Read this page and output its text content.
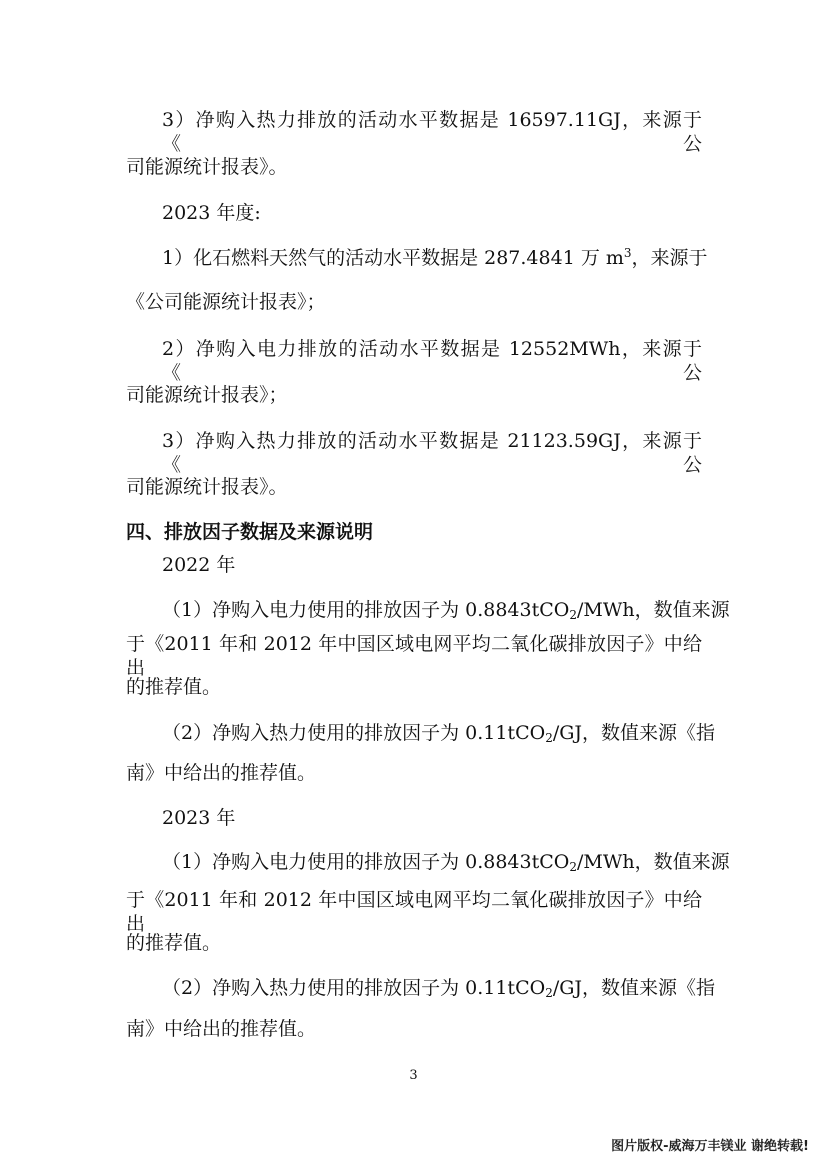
3）净购入热力排放的活动水平数据是 16597.11GJ，来源于《公
司能源统计报表》。
2023 年度:
1）化石燃料天然气的活动水平数据是 287.4841 万 $m^3$，来源于
《公司能源统计报表》；
2）净购入电力排放的活动水平数据是 12552MWh，来源于《公
司能源统计报表》；
3）净购入热力排放的活动水平数据是 21123.59GJ，来源于《公
司能源统计报表》。
四、排放因子数据及来源说明
2022 年
（1）净购入电力使用的排放因子为 0.8843tCO$_2$/MWh，数值来源
于《2011 年和 2012 年中国区域电网平均二氧化碳排放因子》中给出
的推荐值。
（2）净购入热力使用的排放因子为 0.11tCO$_2$/GJ，数值来源《指
南》中给出的推荐值。
2023 年
（1）净购入电力使用的排放因子为 0.8843tCO$_2$/MWh，数值来源
于《2011 年和 2012 年中国区域电网平均二氧化碳排放因子》中给出
的推荐值。
（2）净购入热力使用的排放因子为 0.11tCO$_2$/GJ，数值来源《指
南》中给出的推荐值。
3
图片版权-威海万丰镁业 谢绝转载!
